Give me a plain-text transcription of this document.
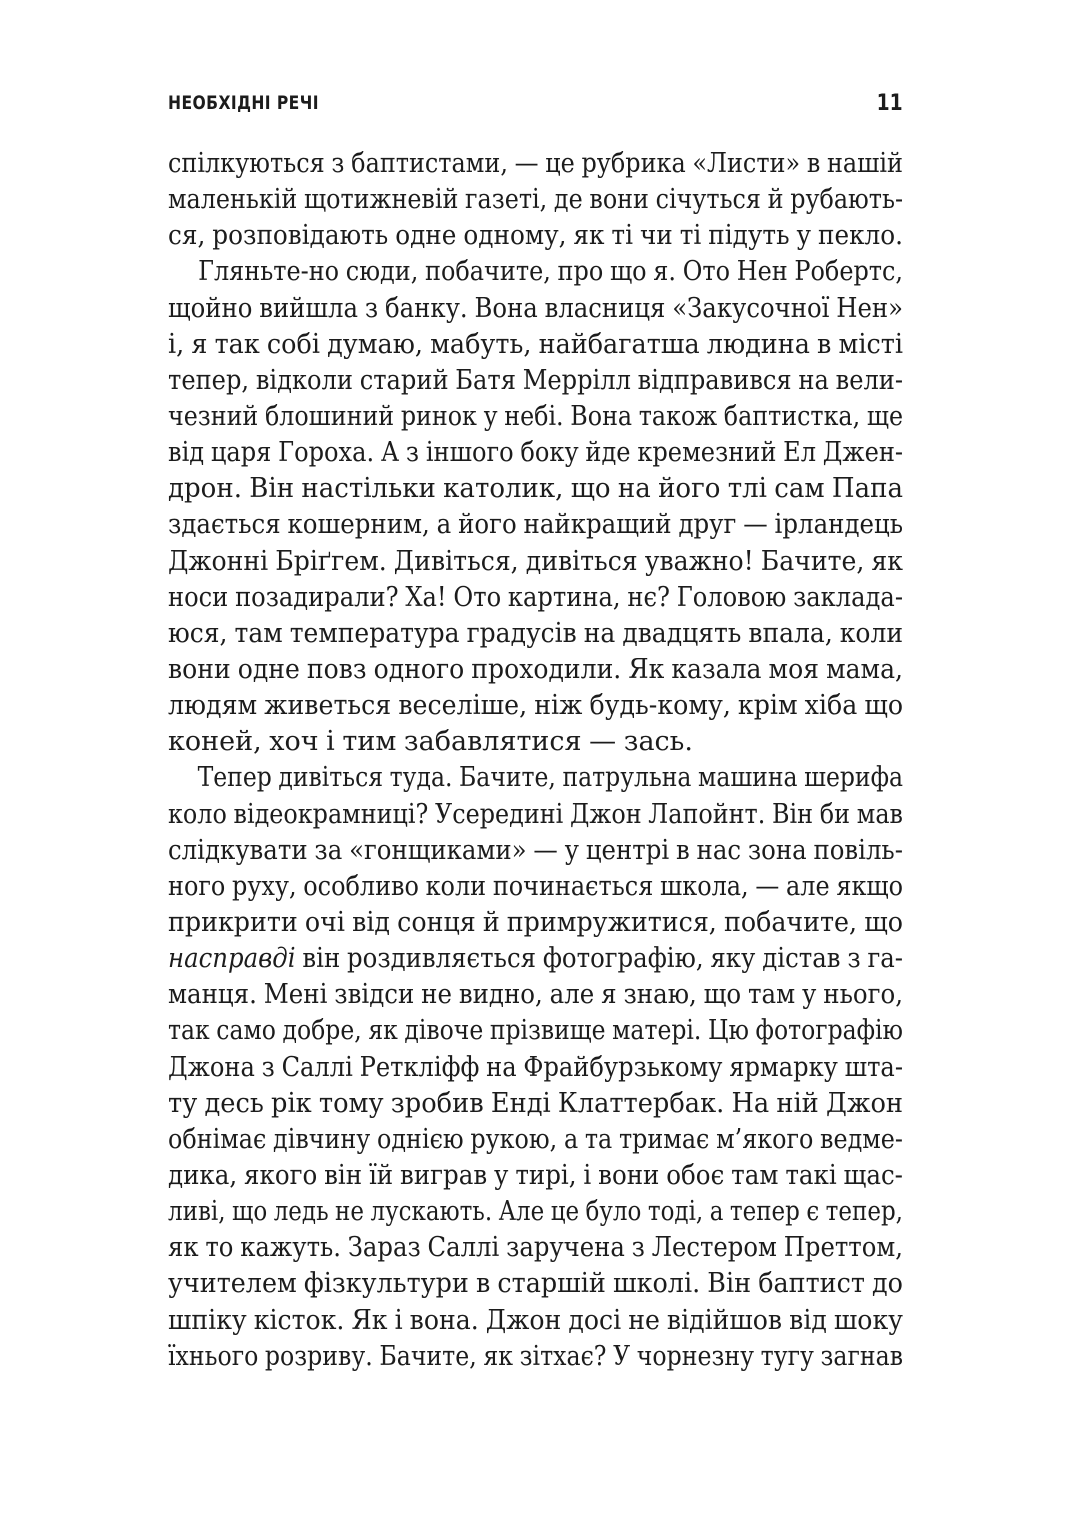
НЕОБХІДНІ РЕЧІ	11
спілкуються з баптистами, — це рубрика «Листи» в нашій
маленькій щотижневій газеті, де вони січуться й рубають-
ся, розповідають одне одному, як ті чи ті підуть у пекло.
Гляньте-но сюди, побачите, про що я. Ото Нен Робертс,
щойно вийшла з банку. Вона власниця «Закусочної Нен»
і, я так собі думаю, мабуть, найбагатша людина в місті
тепер, відколи старий Батя Меррілл відправився на вели-
чезний блошиний ринок у небі. Вона також баптистка, ще
від царя Гороха. А з іншого боку йде кремезний Ел Джен-
дрон. Він настільки католик, що на його тлі сам Папа
здається кошерним, а його найкращий друг — ірландець
Джонні Бріґгем. Дивіться, дивіться уважно! Бачите, як
носи позадирали? Ха! Ото картина, нє? Головою заклада-
юся, там температура градусів на двадцять впала, коли
вони одне повз одного проходили. Як казала моя мама,
людям живеться веселіше, ніж будь-кому, крім хіба що
коней, хоч і тим забавлятися — зась.
Тепер дивіться туда. Бачите, патрульна машина шерифа
коло відеокрамниці? Усередині Джон Лапойнт. Він би мав
слідкувати за «гонщиками» — у центрі в нас зона повіль-
ного руху, особливо коли починається школа, — але якщо
прикрити очі від сонця й примружитися, побачите, що
насправді він роздивляється фотографію, яку дістав з га-
манця. Мені звідси не видно, але я знаю, що там у нього,
так само добре, як дівоче прізвище матері. Цю фотографію
Джона з Саллі Реткліфф на Фрайбурзькому ярмарку шта-
ту десь рік тому зробив Енді Клаттербак. На ній Джон
обнімає дівчину однією рукою, а та тримає м’якого ведме-
дика, якого він їй виграв у тирі, і вони обоє там такі щас-
ливі, що ледь не лускають. Але це було тоді, а тепер є тепер,
як то кажуть. Зараз Саллі заручена з Лестером Преттом,
учителем фізкультури в старшій школі. Він баптист до
шпіку кісток. Як і вона. Джон досі не відійшов від шоку
їхнього розриву. Бачите, як зітхає? У чорнезну тугу загнав
